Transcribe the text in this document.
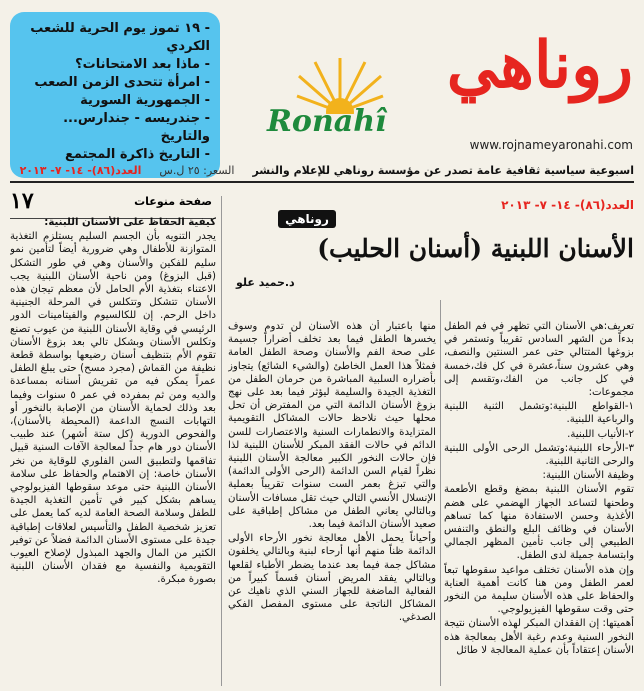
- ١٩ تموز يوم الحرية للشعب الكردي
- ماذا بعد الامتحانات؟
- امرأة تتحدى الزمن الصعب
- الجمهورية السورية
- جندريسه - جندارس... والتاريخ
- التاريخ ذاكرة المجتمع
روناهي
Ronahî
www.rojnameyaronahi.com
اسبوعية سياسية ثقافية عامة تصدر عن مؤسسة روناهي للإعلام والنشر
السعر: ٢٥ ل.س
العدد(٨٦)- ١٤- ٧- ٢٠١٣
العدد(٨٦)- ١٤- ٧- ٢٠١٣
روناهي
الأسنان اللبنية (أسنان الحليب)
د.حميد علو
صفحة منوعات
١٧

تعريف:هي الأسنان التي تظهر في فم الطفل بدءاً من الشهر السادس تقريباً وتستمر في بزوغها المتتالي حتى عمر السنتين والنصف، وهي عشرون سناً،عشرة في كل فك،خمسة في كل جانب من الفك،وتقسم إلى مجموعات:

١-القواطع اللبنية:وتشمل الثنية اللبنية والرباعية اللبنية.

٢-الأنياب اللبنية.

٣-الأرحاء اللبنية:وتشمل الرحى الأولى اللبنية والرحى الثانية اللبنية.

وظيفة الأسنان اللبنية:

تقوم الأسنان اللبنية بمضغ وقطع الأطعمة وطحنها لتساعد الجهاز الهضمي على هضم الأغذية وحسن الاستفادة منها كما تساهم الأسنان في وظائف البلع والنطق والتنفس الطبيعي إلى جانب تأمين المظهر الجمالي وابتسامة جميلة لدى الطفل.

وإن هذه الأسنان تختلف مواعيد سقوطها تبعاً لعمر الطفل ومن هنا كانت أهمية العناية والحفاظ على هذه الأسنان سليمة من النخور حتى وقت سقوطها الفيزيولوجي.

أهميتها: إن الفقدان المبكر لهذه الأسنان نتيجة النخور السنية وعدم رغبة الأهل بمعالجة هذه الأسنان إعتقاداً بأن عملية المعالجة لا طائل

منها باعتبار أن هذه الأسنان لن تدوم وسوف يخسرها الطفل فيما بعد تخلف أضراراً جسيمة على صحة الفم والأسنان وصحة الطفل العامة فمثلاً هذا العمل الخاطئ (والشيء الشائع) يتجاوز بأضراره السلبية المباشرة من حرمان الطفل من التغذية الجيدة والسليمة ليؤثر فيما بعد على نهج بزوغ الأسنان الدائمة التي من المفترض أن تحل محلها حيث نلاحظ حالات المشاكل التقويمية المتزايدة والانطمارات السنية والاعتصارات للسن الدائم في حالات الفقد المبكر للأسنان اللبنية لذا فإن حالات النخور الكبير معالجة الأسنان اللبنية نظراً لقيام السن الدائمة (الرحى الأولى الدائمة) والتي تبزغ بعمر الست سنوات تقريباً بعملية الإنسلال الأنسي التالي حيث تقل مسافات الأسنان وبالتالي يعاني الطفل من مشاكل إطباقية على صعيد الأسنان الدائمة فيما بعد.

وأحياناً يحمل الأهل معالجة نخور الأرحاء الأولى الدائمة ظناً منهم أنها أرحاء لبنية وبالتالي يخلفون مشاكل جمة فيما بعد عندما يضطر الأطباء لقلعها وبالتالي يفقد المريض أسنان قسماً كبيراً من الفعالية الماضغة للجهاز السني الذي ناهيك عن المشاكل الناتجة على مستوى المفصل الفكي الصدغي.

كيفية الحفاظ على الأسنان اللبنية:

يجدر التنويه بأن الجسم السليم يستلزم التغذية المتوازنة للأطفال وهي ضرورية أيضاً لتأمين نمو سليم للفكين والأسنان وهي في طور التشكل (قبل البزوغ) ومن ناحية الأسنان اللبنية يجب الاعتناء بتغذية الأم الحامل لأن معظم تيجان هذه الأسنان تتشكل وتتكلس في المرحلة الجنينية داخل الرحم. إن للكالسيوم والفيتامينات الدور الرئيسي في وقاية الأسنان اللبنية من عيوب تصنع وتكلس الأسنان وبشكل تالي بعد بزوغ الأسنان تقوم الأم بتنظيف أسنان رضيعها بواسطة قطعة نظيفة من القماش (مجرد مسح) حتى يبلغ الطفل عمراً يمكن فيه من تفريش أسنانه بمساعدة والديه ومن ثم بمفرده في عمر ٥ سنوات وفيما بعد وذلك لحماية الأسنان من الإصابة بالنخور أو التهابات النسج الداعمة (المحيطة بالأسنان)، والفحوص الدورية (كل ستة أشهر) عند طبيب الأسنان دور هام جداً لمعالجة الآفات السنية قبيل تفاقمها ولتطبيق السن الفلوري للوقاية من نخر الأسنان خاصة: إن الاهتمام والحفاظ على سلامة الأسنان اللبنية حتى موعد سقوطها الفيزيولوجي يساهم بشكل كبير في تأمين التغذية الجيدة للطفل وسلامة الصحة العامة لديه كما يعمل على تعزيز شخصية الطفل والتأسيس لعلاقات إطباقية جيدة على مستوى الأسنان الدائمة فضلاً عن توفير الكثير من المال والجهد المبذول لإصلاح العيوب التقويمية والنفسية مع فقدان الأسنان اللبنية بصورة مبكرة.
